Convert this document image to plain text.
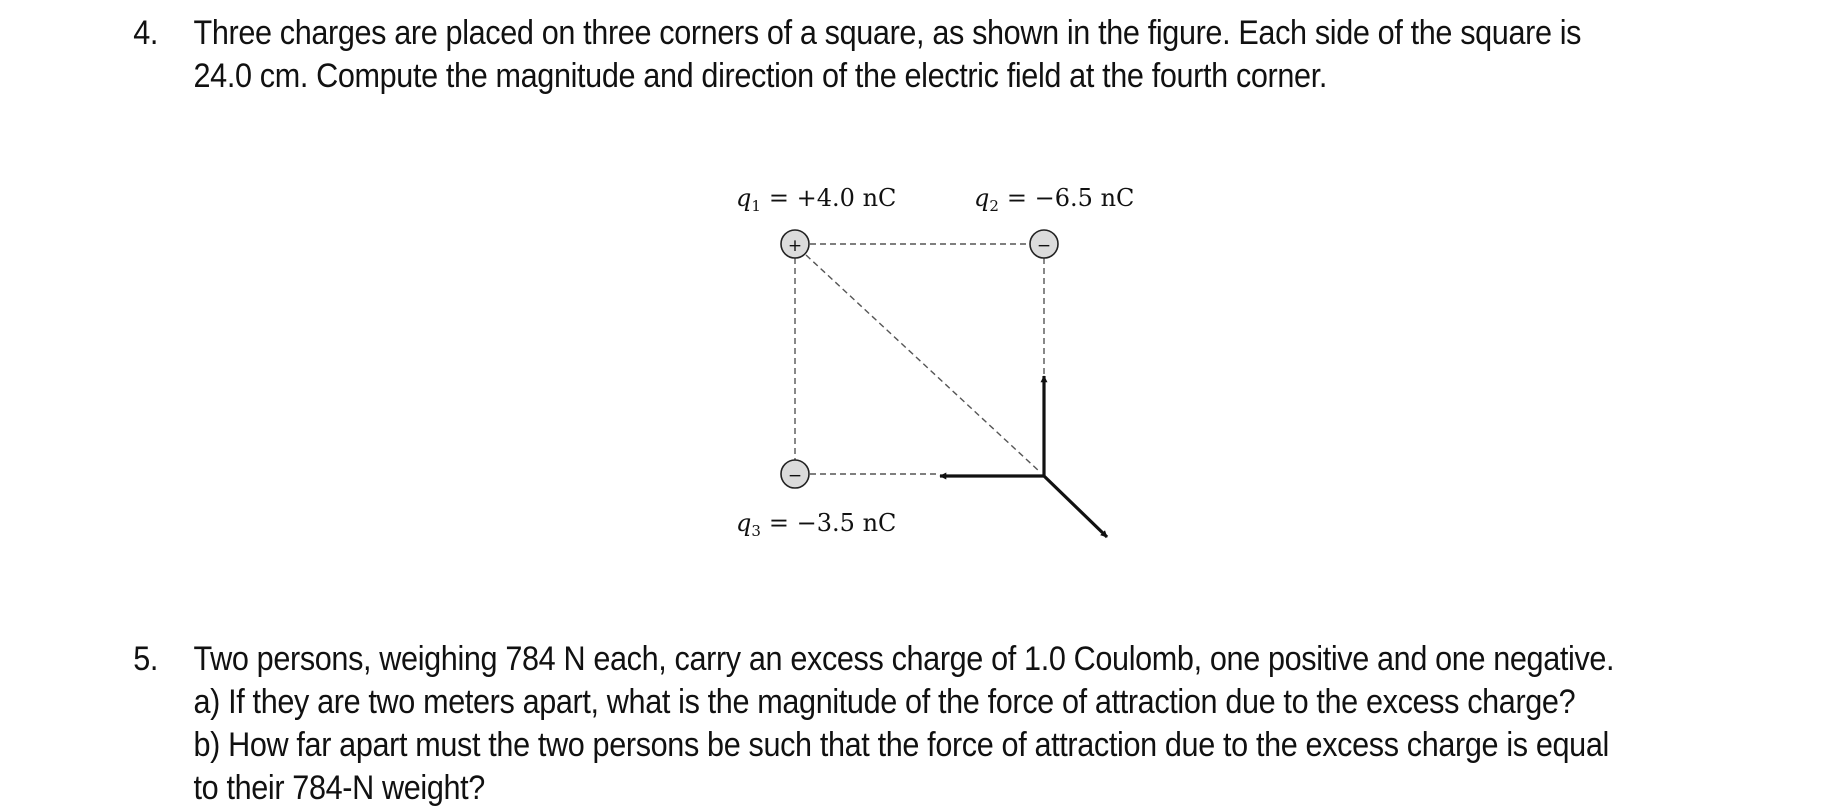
4. Three charges are placed on three corners of a square, as shown in the figure. Each side of the square is
24.0 cm. Compute the magnitude and direction of the electric field at the fourth corner.
+	−
−
$q_1 = +4.0$ nC	$q_2 = -6.5$ nC
$q_3 = -3.5$ nC
5. Two persons, weighing 784 N each, carry an excess charge of 1.0 Coulomb, one positive and one negative.
a) If they are two meters apart, what is the magnitude of the force of attraction due to the excess charge?
b) How far apart must the two persons be such that the force of attraction due to the excess charge is equal
to their 784-N weight?
